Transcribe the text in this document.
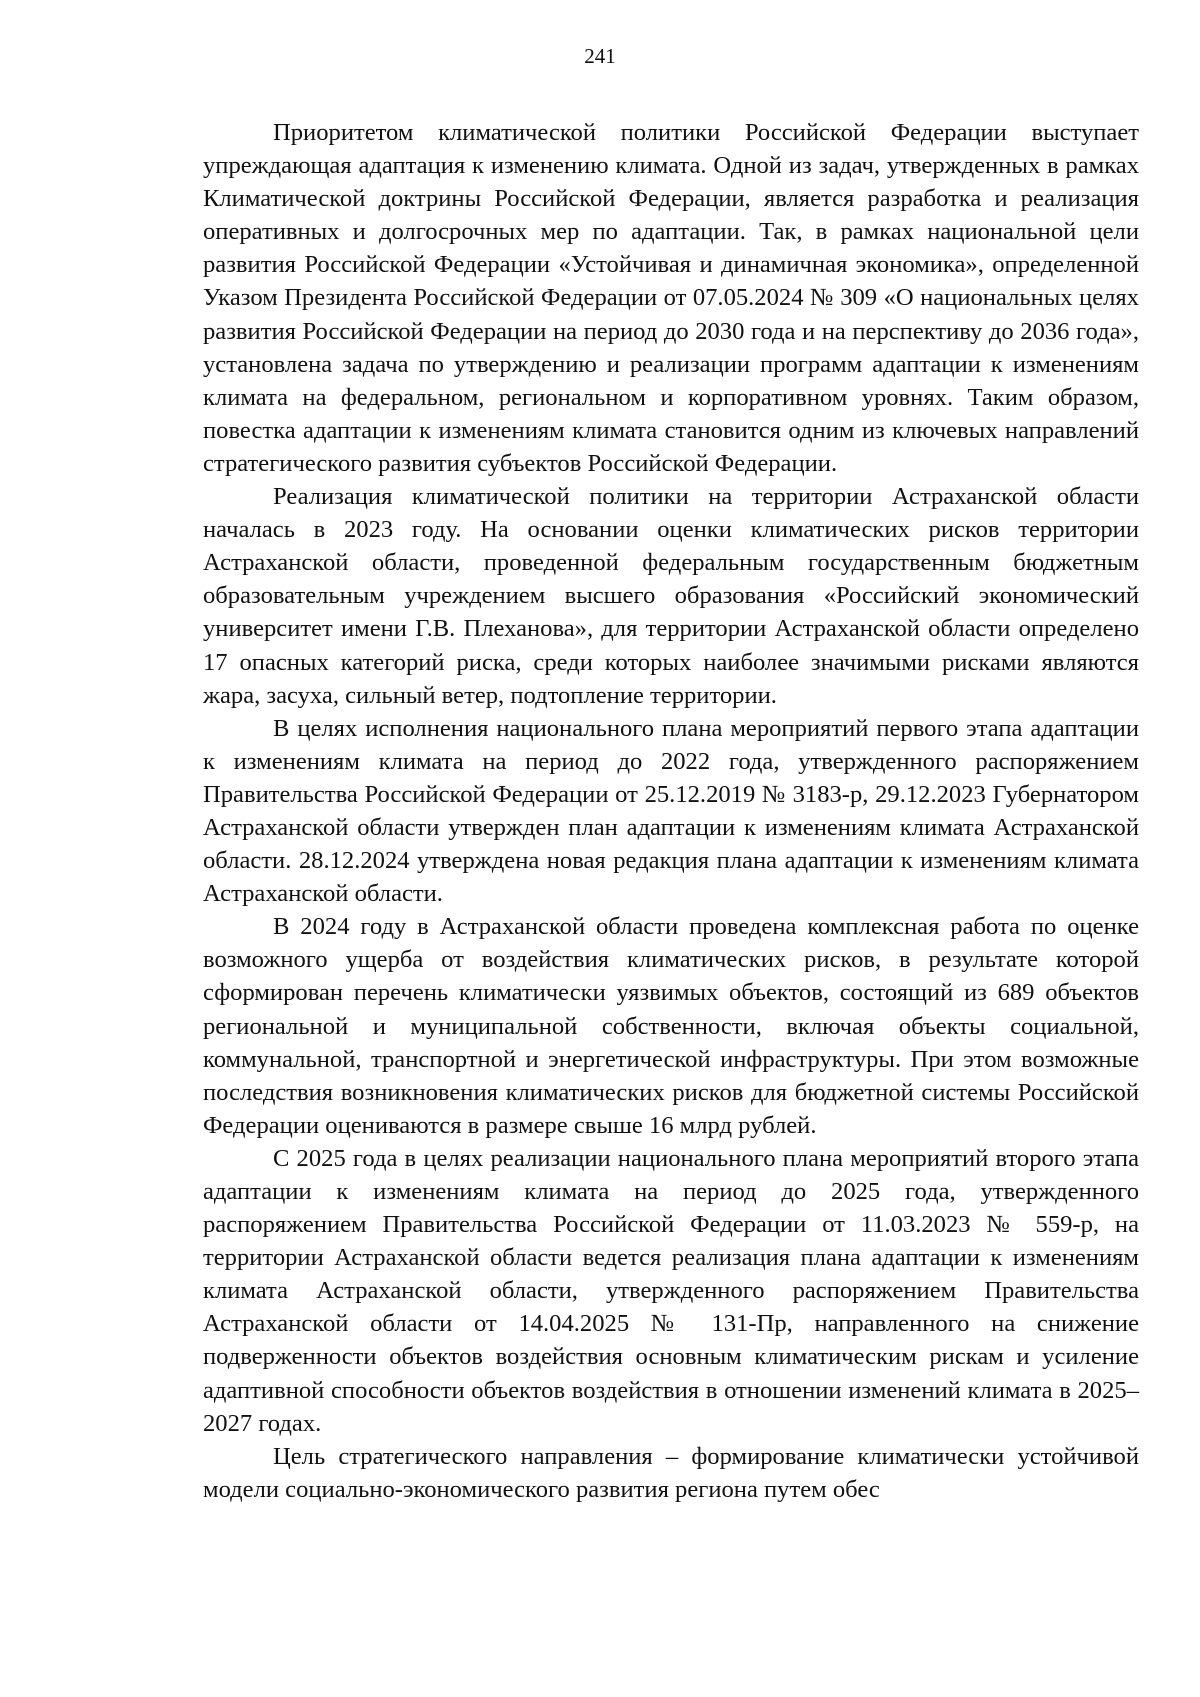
241

Приоритетом климатической политики Российской Федерации выступает упреждающая адаптация к изменению климата. Одной из задач, утвержденных в рамках Климатической доктрины Российской Федерации, является разработка и реализация оперативных и долгосрочных мер по адаптации. Так, в рамках национальной цели развития Российской Федерации «Устойчивая и динамичная экономика», определенной Указом Президента Российской Федерации от 07.05.2024 № 309 «О национальных целях развития Российской Федерации на период до 2030 года и на перспективу до 2036 года», установлена задача по утверждению и реализации программ адаптации к изменениям климата на федеральном, региональном и корпоративном уровнях. Таким образом, повестка адаптации к изменениям климата становится одним из ключевых направлений стратегического развития субъектов Российской Федерации.

Реализация климатической политики на территории Астраханской области началась в 2023 году. На основании оценки климатических рисков территории Астраханской области, проведенной федеральным государственным бюджетным образовательным учреждением высшего образования «Российский экономический университет имени Г.В. Плеханова», для территории Астраханской области определено 17 опасных категорий риска, среди которых наиболее значимыми рисками являются жара, засуха, сильный ветер, подтопление территории.

В целях исполнения национального плана мероприятий первого этапа адаптации к изменениям климата на период до 2022 года, утвержденного распоряжением Правительства Российской Федерации от 25.12.2019 № 3183-р, 29.12.2023 Губернатором Астраханской области утвержден план адаптации к изменениям климата Астраханской области. 28.12.2024 утверждена новая редакция плана адаптации к изменениям климата Астраханской области.

В 2024 году в Астраханской области проведена комплексная работа по оценке возможного ущерба от воздействия климатических рисков, в результате которой сформирован перечень климатически уязвимых объектов, состоящий из 689 объектов региональной и муниципальной собственности, включая объекты социальной, коммунальной, транспортной и энергетической инфраструктуры. При этом возможные последствия возникновения климатических рисков для бюджетной системы Российской Федерации оцениваются в размере свыше 16 млрд рублей.

С 2025 года в целях реализации национального плана мероприятий второго этапа адаптации к изменениям климата на период до 2025 года, утвержденного распоряжением Правительства Российской Федерации от 11.03.2023 № 559-р, на территории Астраханской области ведется реализация плана адаптации к изменениям климата Астраханской области, утвержденного распоряжением Правительства Астраханской области от 14.04.2025 № 131-Пр, направленного на снижение подверженности объектов воздействия основным климатическим рискам и усиление адаптивной способности объектов воздействия в отношении изменений климата в 2025–2027 годах.

Цель стратегического направления – формирование климатически устойчивой модели социально-экономического развития региона путем обес
